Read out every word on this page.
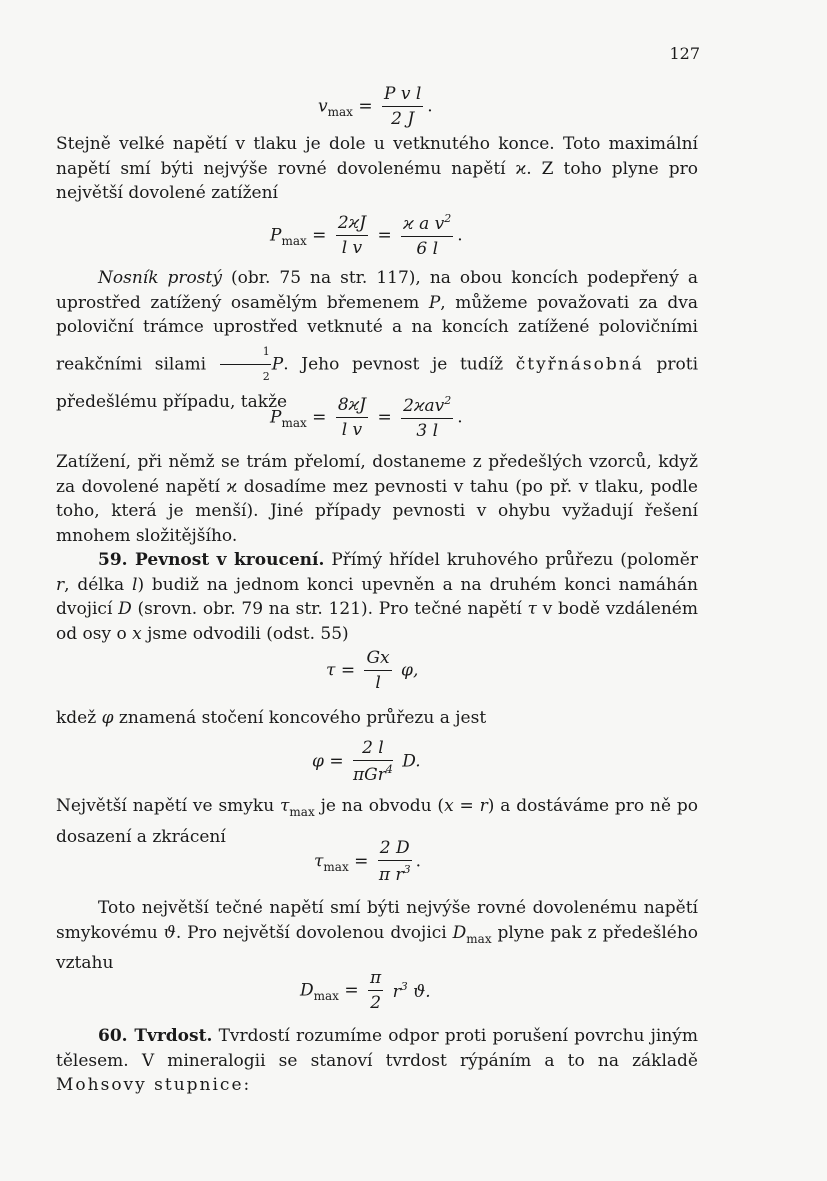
127
$v_{max} = \frac{\text{P v l}}{2 J}$ .

Stejně velké napětí v tlaku je dole u vetknutého konce. Toto maximální napětí smí býti nejvýše rovné dovolenému napětí ϰ. Z toho plyne pro největší dovolené zatížení

$P_{max} = \frac{2ϰJ}{\text{l v}} = \frac{ϰ a v^2}{6 l}$ .

Nosník prostý (obr. 75 na str. 117), na obou koncích podepřený a uprostřed zatížený osamělým břemenem P, můžeme považovati za dva poloviční trámce uprostřed vetknuté a na koncích zatížené polovičními reakčními silami $\frac{1}{2} P$. Jeho pevnost je tudíž čtyřnásobná proti předešlému případu, takže

$P_{max} = \frac{8ϰJ}{\text{l v}} = \frac{2ϰav^2}{3 l}$ .

Zatížení, při němž se trám přelomí, dostaneme z předešlých vzorců, když za dovolené napětí ϰ dosadíme mez pevnosti v tahu (po př. v tlaku, podle toho, která je menší). Jiné případy pevnosti v ohybu vyžadují řešení mnohem složitějšího.

59. Pevnost v kroucení. Přímý hřídel kruhového průřezu (poloměr r, délka l) budiž na jednom konci upevněn a na druhém konci namáhán dvojicí D (srovn. obr. 79 na str. 121). Pro tečné napětí τ v bodě vzdáleném od osy o x jsme odvodili (odst. 55)

$\tau = \frac{Gx}{l} \varphi$,

kdež φ znamená stočení koncového průřezu a jest

$\varphi = \frac{2 l}{\pi Gr^4} D$.

Největší napětí ve smyku $\tau_{max}$ je na obvodu (x = r) a dostáváme pro ně po dosazení a zkrácení

$\tau_{max} = \frac{2 D}{\pi r^3}$ .

Toto největší tečné napětí smí býti nejvýše rovné dovolenému napětí smykovému ϑ. Pro největší dovolenou dvojici $D_{max}$ plyne pak z předešlého vztahu

$D_{max} = \frac{\pi}{2} r^3$ ϑ.

60. Tvrdost. Tvrdostí rozumíme odpor proti porušení povrchu jiným tělesem. V mineralogii se stanoví tvrdost rýpáním a to na základě Mohsovy stupnice:
